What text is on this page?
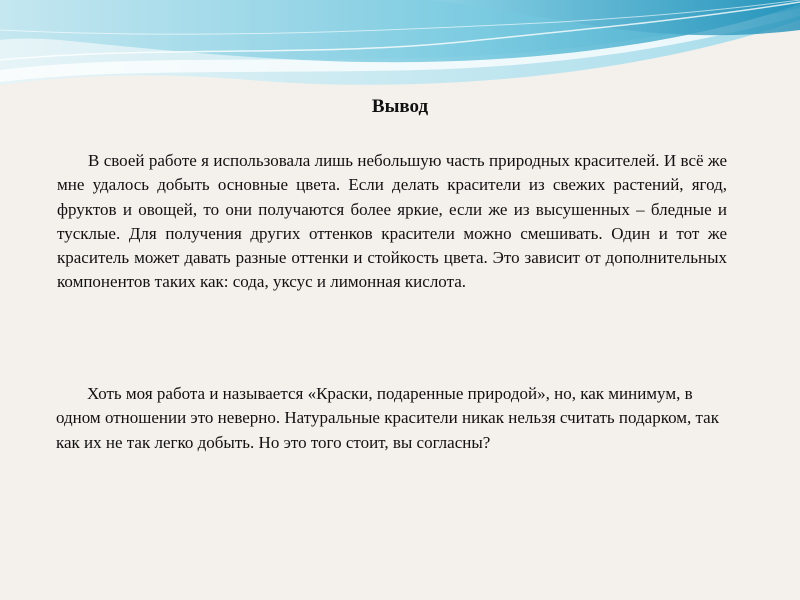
Вывод

В своей работе я использовала лишь небольшую часть природных красителей. И всё же мне удалось добыть основные цвета. Если делать красители из свежих растений, ягод, фруктов и овощей, то они получаются более яркие, если же из высушенных – бледные и тусклые. Для получения других оттенков красители можно смешивать. Один и тот же краситель может давать разные оттенки и стойкость цвета. Это зависит от дополнительных компонентов таких как: сода, уксус и лимонная кислота.

Хоть моя работа и называется «Краски, подаренные природой», но, как минимум, в одном отношении это неверно. Натуральные красители никак нельзя считать подарком, так как их не так легко добыть. Но это того стоит, вы согласны?
